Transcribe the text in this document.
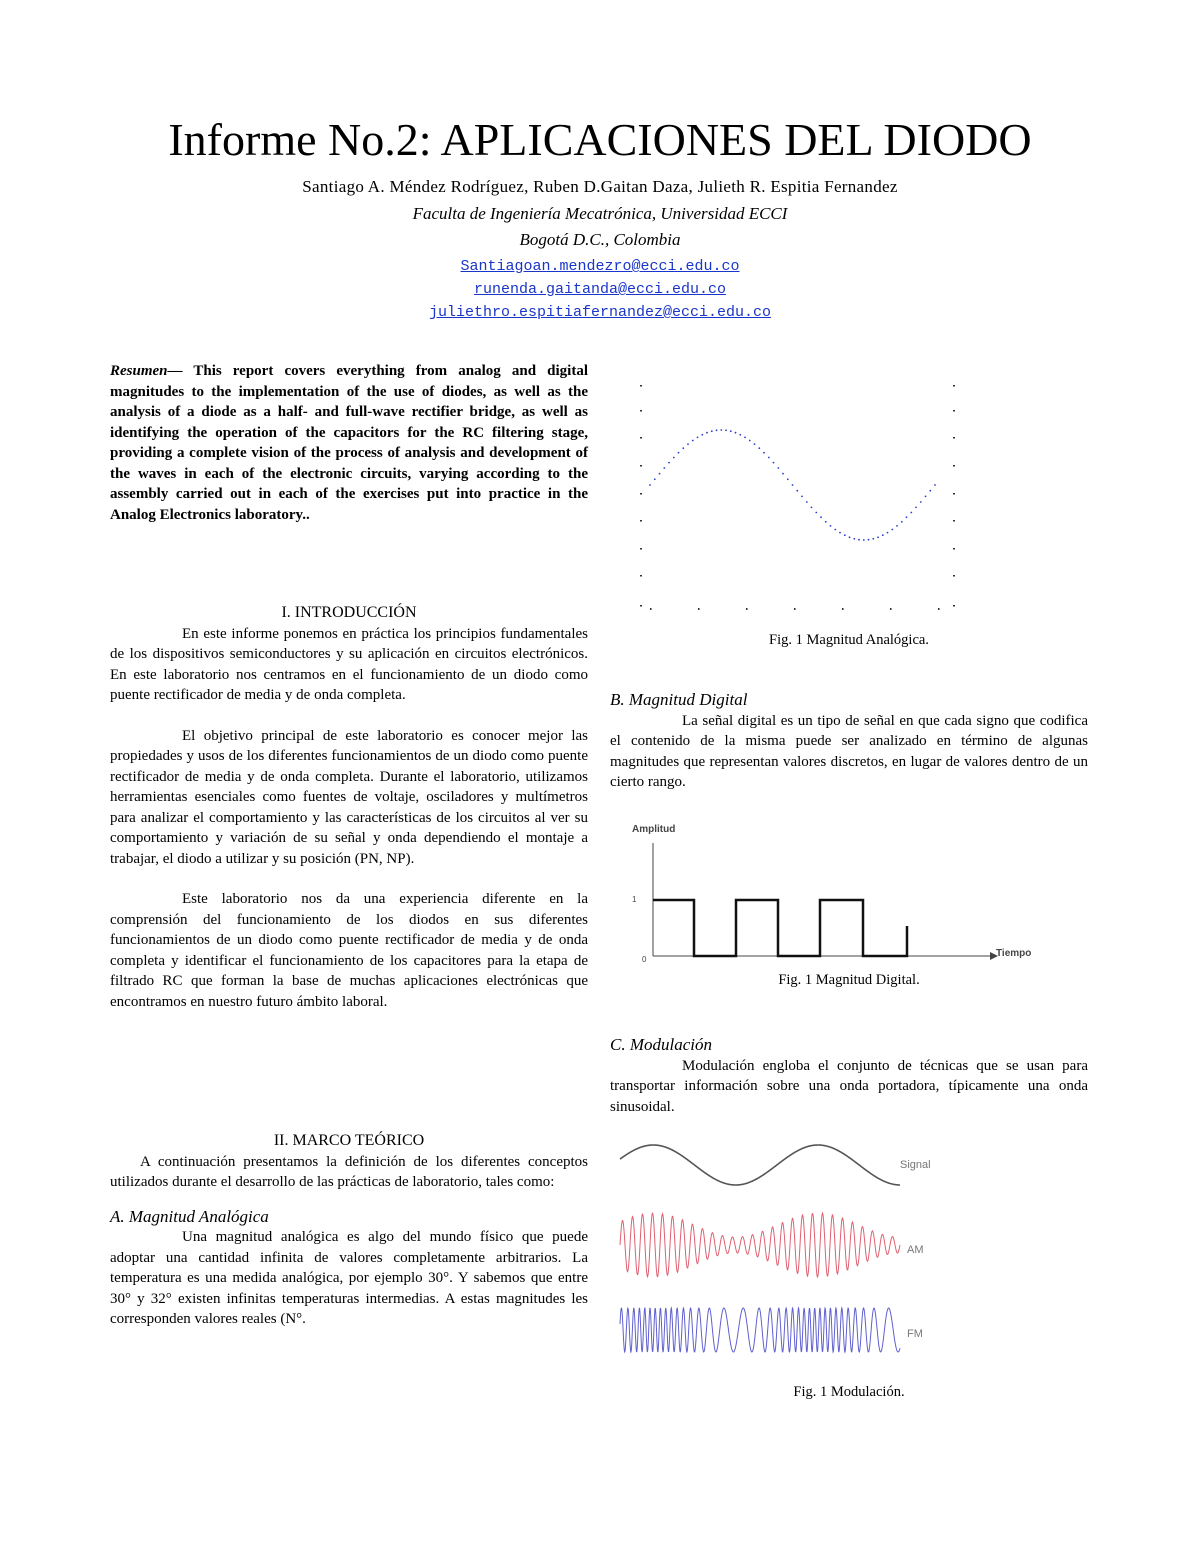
Informe No.2: APLICACIONES DEL DIODO
Santiago A. Méndez Rodríguez, Ruben D.Gaitan Daza, Julieth R. Espitia Fernandez
Faculta de Ingeniería Mecatrónica, Universidad ECCI
Bogotá D.C., Colombia
Santiagoan.mendezro@ecci.edu.co
runenda.gaitanda@ecci.edu.co
juliethro.espitiafernandez@ecci.edu.co
Resumen— This report covers everything from analog and digital magnitudes to the implementation of the use of diodes, as well as the analysis of a diode as a half- and full-wave rectifier bridge, as well as identifying the operation of the capacitors for the RC filtering stage, providing a complete vision of the process of analysis and development of the waves in each of the electronic circuits, varying according to the assembly carried out in each of the exercises put into practice in the Analog Electronics laboratory..

I. INTRODUCCIÓN

En este informe ponemos en práctica los principios fundamentales de los dispositivos semiconductores y su aplicación en circuitos electrónicos. En este laboratorio nos centramos en el funcionamiento de un diodo como puente rectificador de media y de onda completa.

El objetivo principal de este laboratorio es conocer mejor las propiedades y usos de los diferentes funcionamientos de un diodo como puente rectificador de media y de onda completa. Durante el laboratorio, utilizamos herramientas esenciales como fuentes de voltaje, osciladores y multímetros para analizar el comportamiento y las características de los circuitos al ver su comportamiento y variación de su señal y onda dependiendo el montaje a trabajar, el diodo a utilizar y su posición (PN, NP).

Este laboratorio nos da una experiencia diferente en la comprensión del funcionamiento de los diodos en sus diferentes funcionamientos de un diodo como puente rectificador de media y de onda completa y identificar el funcionamiento de los capacitores para la etapa de filtrado RC que forman la base de muchas aplicaciones electrónicas que encontramos en nuestro futuro ámbito laboral.

II. MARCO TEÓRICO

A continuación presentamos la definición de los diferentes conceptos utilizados durante el desarrollo de las prácticas de laboratorio, tales como:

A. Magnitud Analógica

Una magnitud analógica es algo del mundo físico que puede adoptar una cantidad infinita de valores completamente arbitrarios. La temperatura es una medida analógica, por ejemplo 30°. Y sabemos que entre 30° y 32° existen infinitas temperaturas intermedias. A estas magnitudes les corresponden valores reales (N°.

Fig. 1 Magnitud Analógica.

B. Magnitud Digital

La señal digital es un tipo de señal en que cada signo que codifica el contenido de la misma puede ser analizado en término de algunas magnitudes que representan valores discretos, en lugar de valores dentro de un cierto rango.

Amplitud
Tiempo
1
0
Fig. 1 Magnitud Digital.

C. Modulación

Modulación engloba el conjunto de técnicas que se usan para transportar información sobre una onda portadora, típicamente una onda sinusoidal.

Signal
AM
FM
Fig. 1 Modulación.
